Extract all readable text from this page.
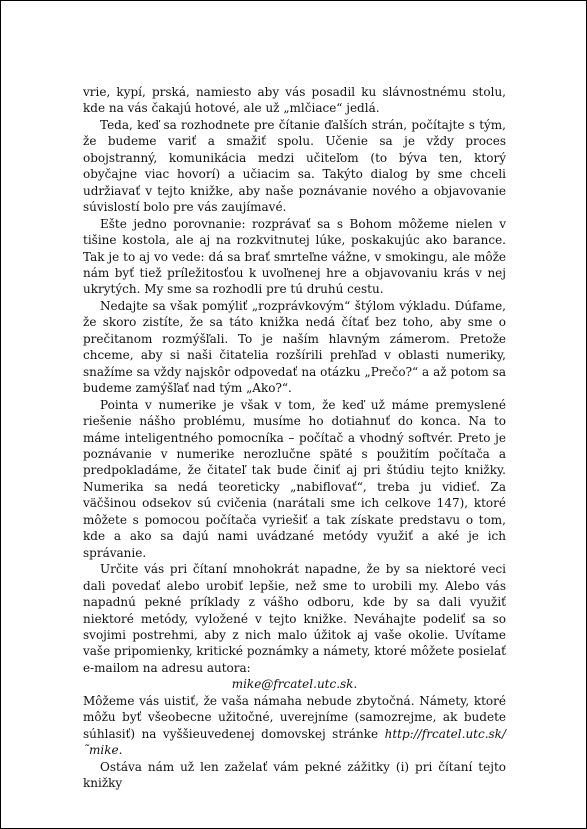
vrie, kypí, prská, namiesto aby vás posadil ku slávnostnému stolu, kde na vás čakajú hotové, ale už „mlčiace“ jedlá.

Teda, keď sa rozhodnete pre čítanie ďalších strán, počítajte s tým, že budeme variť a smažiť spolu. Učenie sa je vždy proces obojstranný, komunikácia medzi učiteľom (to býva ten, ktorý obyčajne viac hovorí) a učiacim sa. Takýto dialog by sme chceli udržiavať v tejto knižke, aby naše poznávanie nového a objavovanie súvislostí bolo pre vás zaujímavé.

Ešte jedno porovnanie: rozprávať sa s Bohom môžeme nielen v tišine kostola, ale aj na rozkvitnutej lúke, poskakujúc ako barance. Tak je to aj vo vede: dá sa brať smrteľne vážne, v smokingu, ale môže nám byť tiež príležitosťou k uvoľnenej hre a objavovaniu krás v nej ukrytých. My sme sa rozhodli pre tú druhú cestu.

Nedajte sa však pomýliť „rozprávkovým“ štýlom výkladu. Dúfame, že skoro zistíte, že sa táto knižka nedá čítať bez toho, aby sme o prečitanom rozmýšľali. To je naším hlavným zámerom. Pretože chceme, aby si naši čitatelia rozšírili prehľad v oblasti numeriky, snažíme sa vždy najskôr odpovedať na otázku „Prečo?“ a až potom sa budeme zamýšľať nad tým „Ako?“.

Pointa v numerike je však v tom, že keď už máme premyslené riešenie nášho problému, musíme ho dotiahnuť do konca. Na to máme inteligentného pomocníka – počítač a vhodný softvér. Preto je poznávanie v numerike nerozlučne späté s použitím počítača a predpokladáme, že čitateľ tak bude činiť aj pri štúdiu tejto knižky. Numerika sa nedá teoreticky „nabiflovať“, treba ju vidieť. Za väčšinou odsekov sú cvičenia (narátali sme ich celkove 147), ktoré môžete s pomocou počítača vyriešiť a tak získate predstavu o tom, kde a ako sa dajú nami uvádzané metódy využiť a aké je ich správanie.

Určite vás pri čítaní mnohokrát napadne, že by sa niektoré veci dali povedať alebo urobiť lepšie, než sme to urobili my. Alebo vás napadnú pekné príklady z vášho odboru, kde by sa dali využiť niektoré metódy, vyložené v tejto knižke. Neváhajte podeliť sa so svojimi postrehmi, aby z nich malo úžitok aj vaše okolie. Uvítame vaše pripomienky, kritické poznámky a námety, ktoré môžete posielať e-mailom na adresu autora:

mike@frcatel.utc.sk.

Môžeme vás uistiť, že vaša námaha nebude zbytočná. Námety, ktoré môžu byť všeobecne užitočné, uverejníme (samozrejme, ak budete súhlasiť) na vyššieuvedenej domovskej stránke http://frcatel.utc.sk/˜mike.

Ostáva nám už len zaželať vám pekné zážitky (i) pri čítaní tejto knižky
